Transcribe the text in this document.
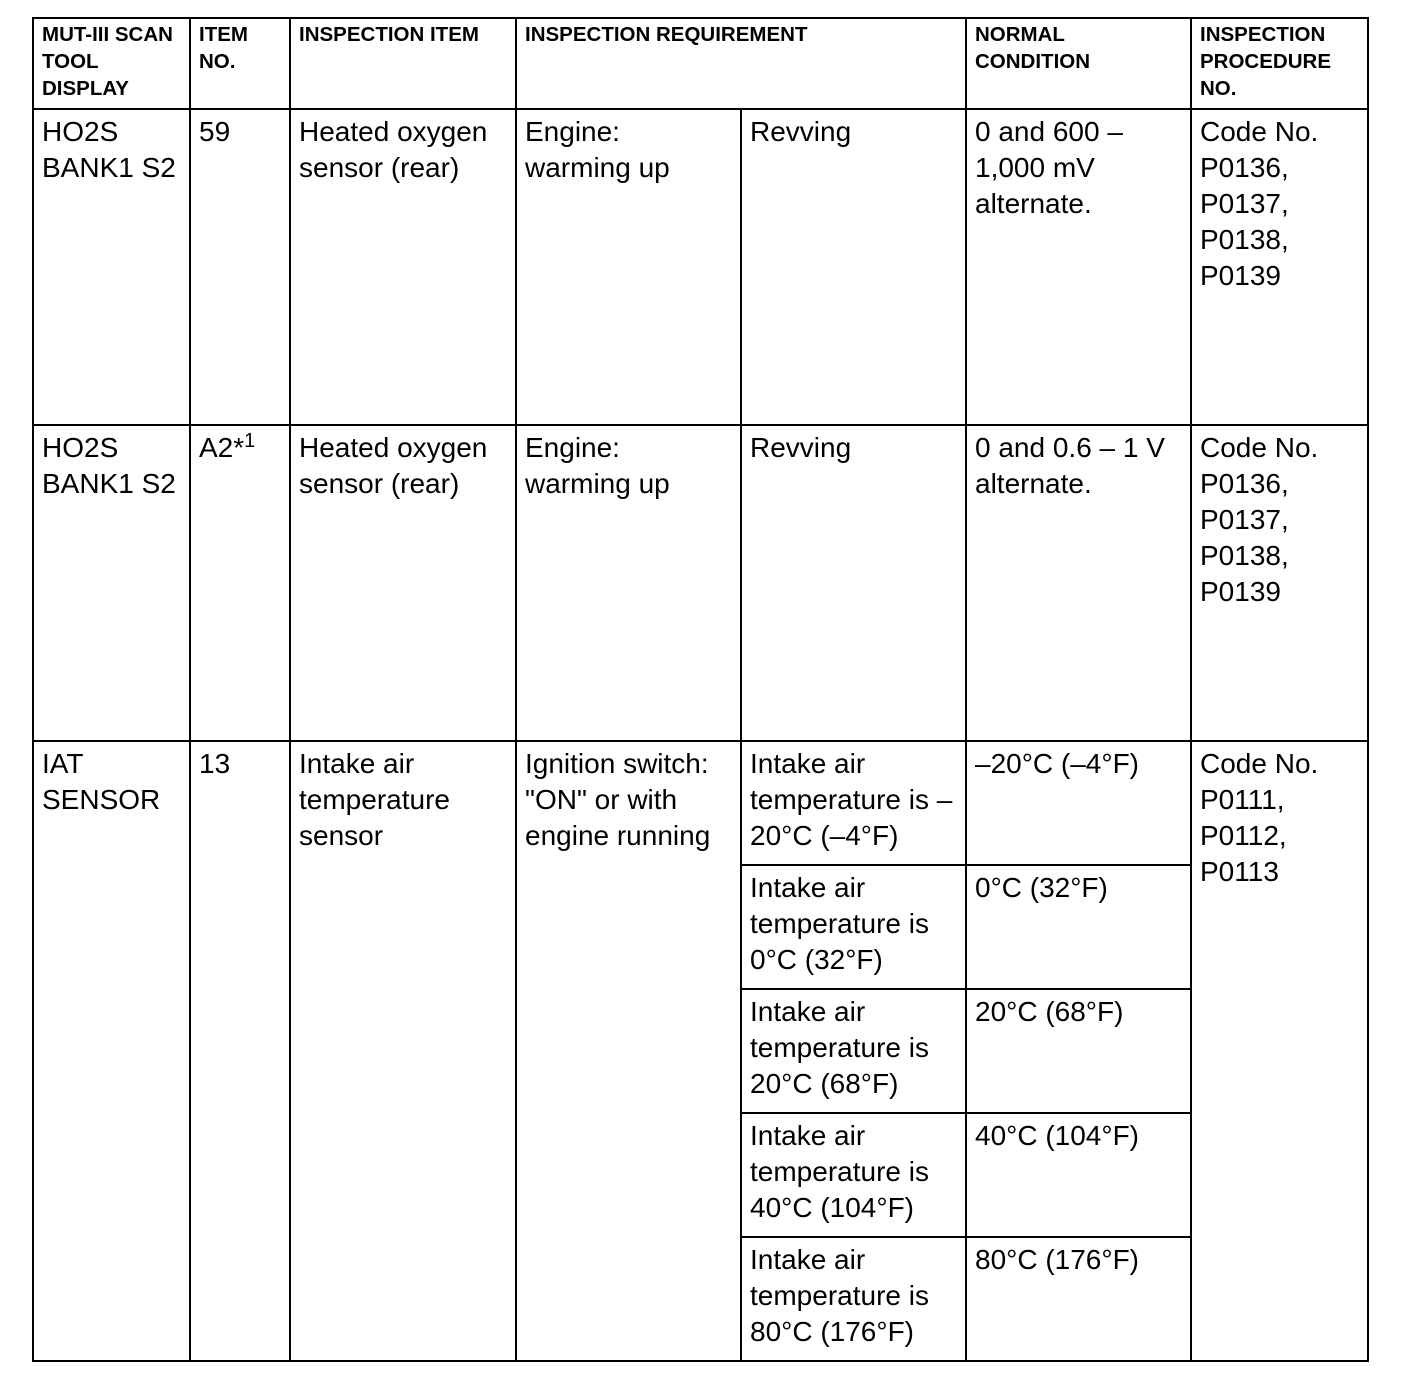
MUT-III SCAN TOOL DISPLAY	ITEM NO.	INSPECTION ITEM	INSPECTION REQUIREMENT		NORMAL CONDITION	INSPECTION PROCEDURE NO.
HO2S BANK1 S2	59	Heated oxygen sensor (rear)	Engine: warming up	Revving	0 and 600 – 1,000 mV alternate.	Code No. P0136, P0137, P0138, P0139
HO2S BANK1 S2	A2*$^1$	Heated oxygen sensor (rear)	Engine: warming up	Revving	0 and 0.6 – 1 V alternate.	Code No. P0136, P0137, P0138, P0139
IAT SENSOR	13	Intake air temperature sensor	Ignition switch: "ON" or with engine running	Intake air temperature is –20°C (–4°F)	–20°C (–4°F)	Code No. P0111, P0112, P0113
				Intake air temperature is 0°C (32°F)	0°C (32°F)	
				Intake air temperature is 20°C (68°F)	20°C (68°F)	
				Intake air temperature is 40°C (104°F)	40°C (104°F)	
				Intake air temperature is 80°C (176°F)	80°C (176°F)	
